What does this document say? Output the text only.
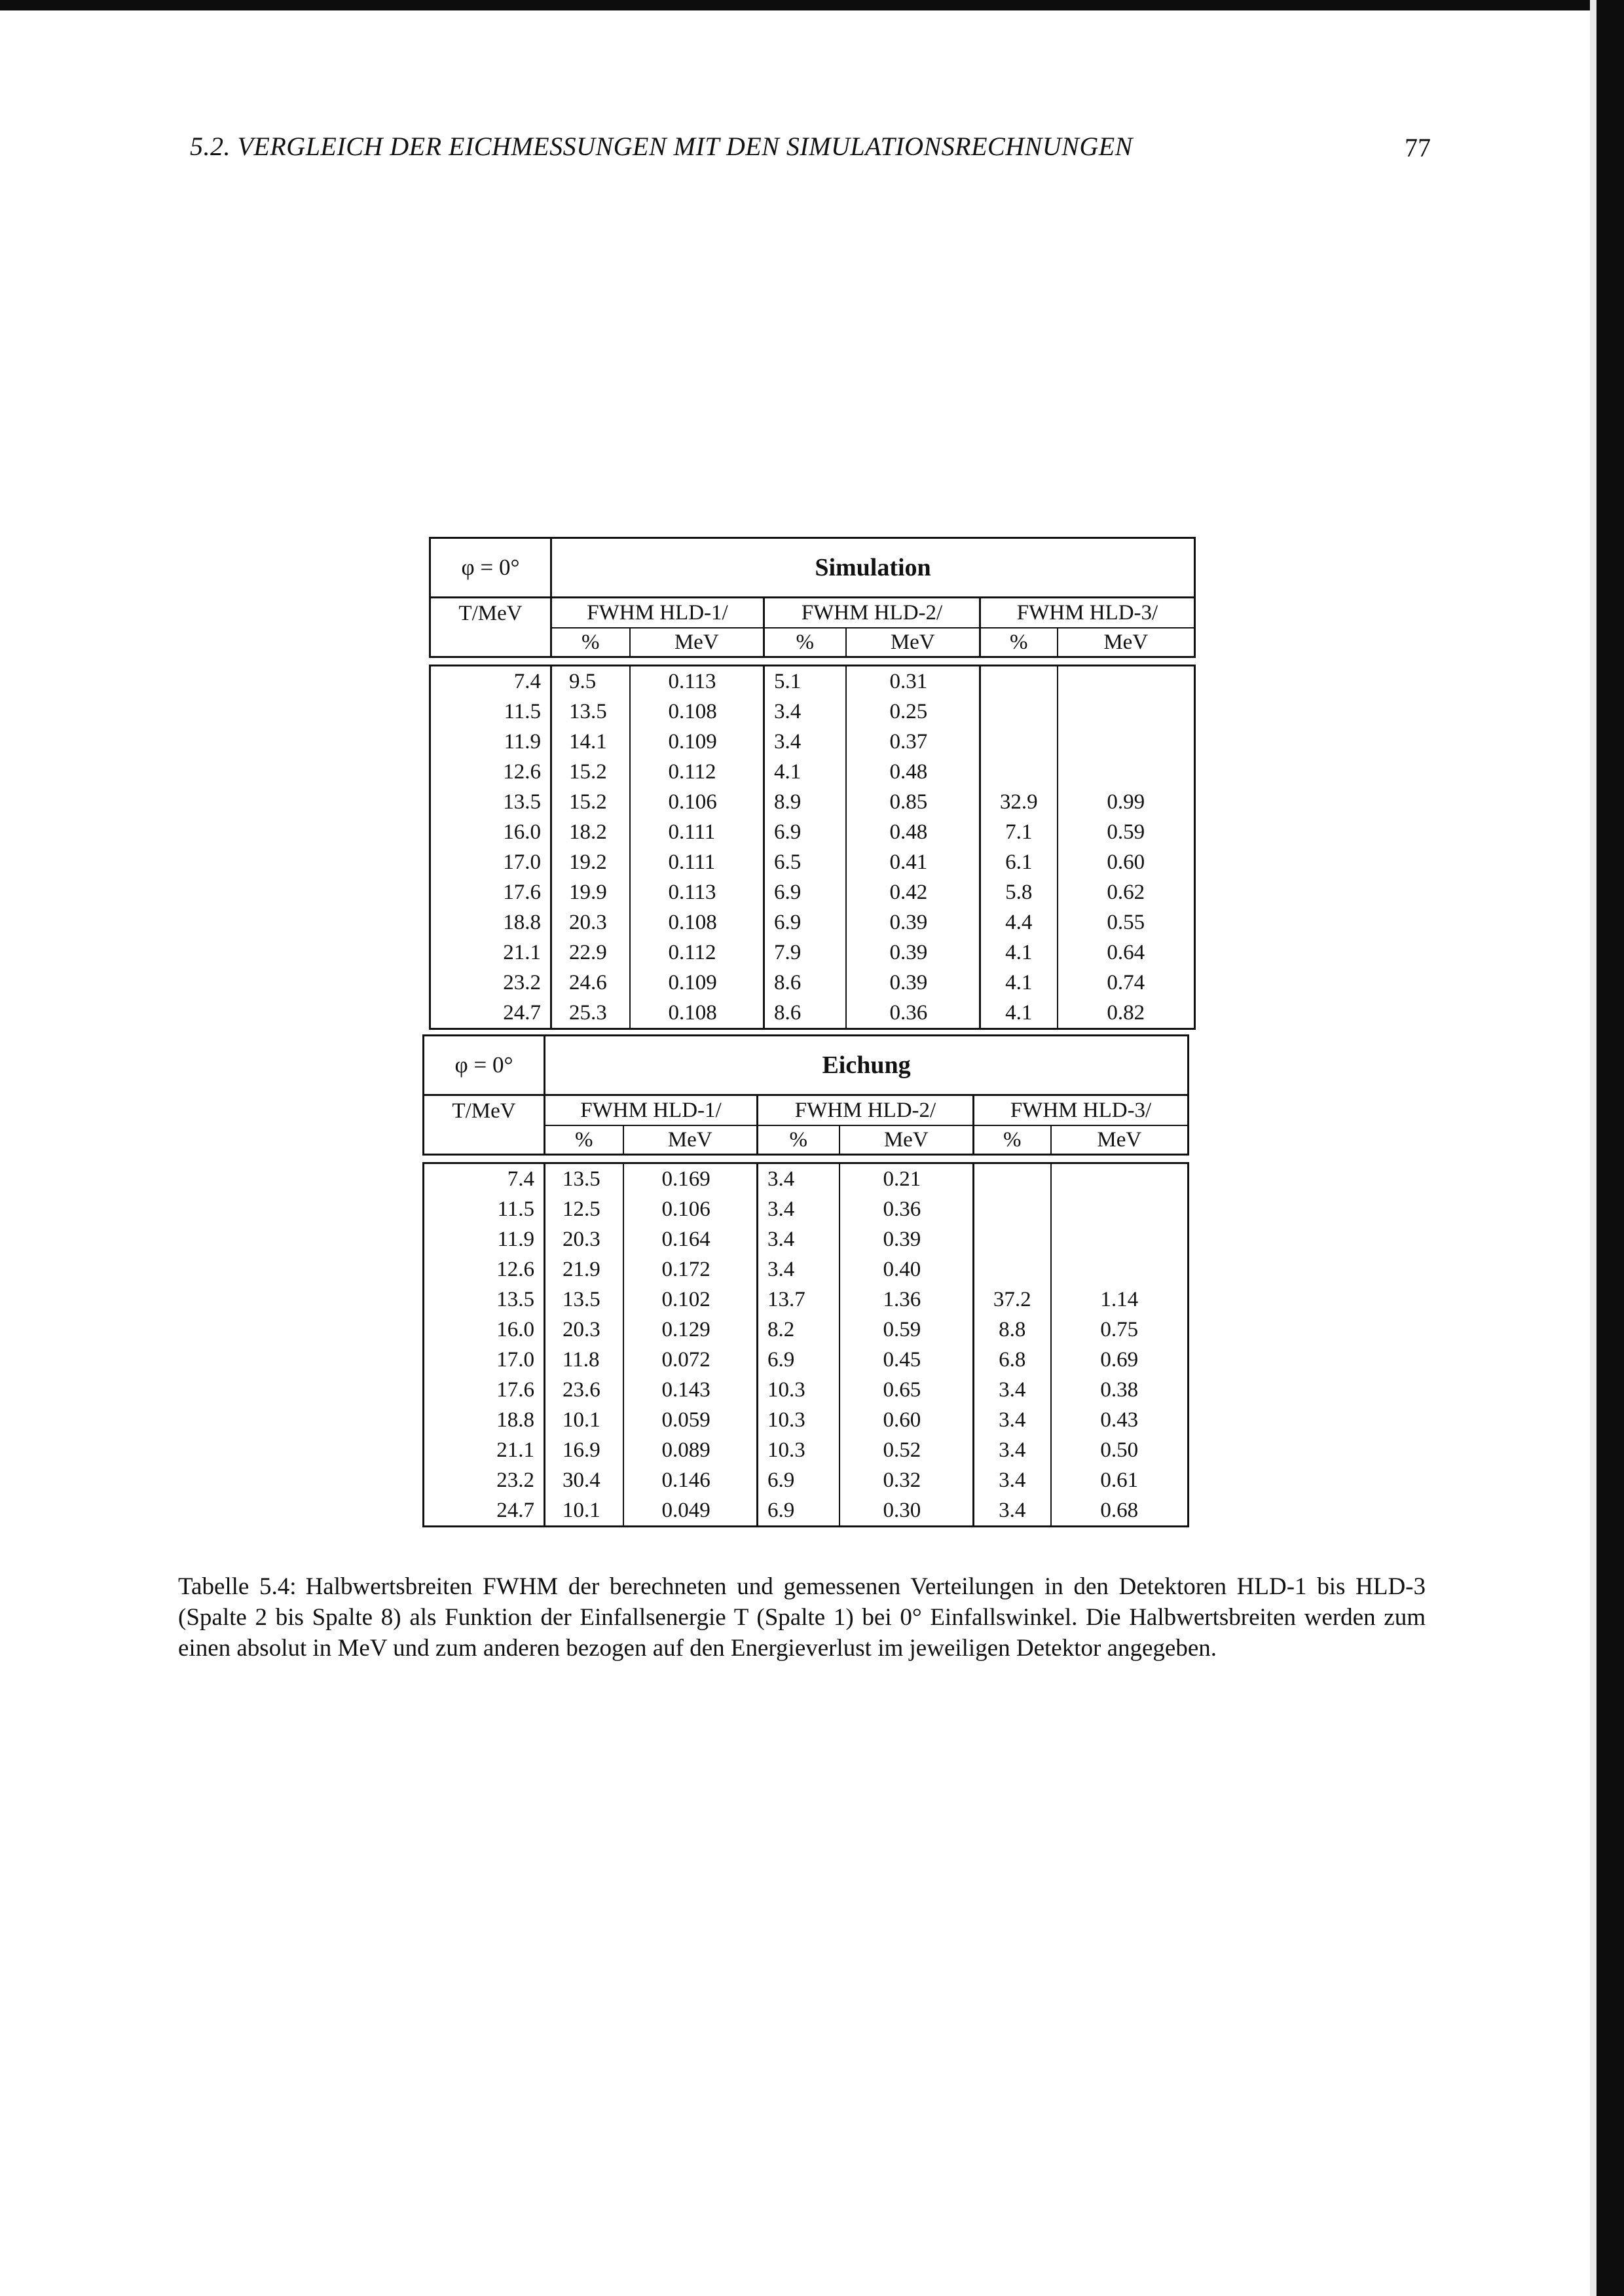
5.2. VERGLEICH DER EICHMESSUNGEN MIT DEN SIMULATIONSRECHNUNGEN	77
φ = 0°	Simulation					
T/MeV	FWHM HLD-1/		FWHM HLD-2/		FWHM HLD-3/	
	%	MeV	%	MeV	%	MeV

7.4	9.5	0.113	5.1	0.31		
11.5	13.5	0.108	3.4	0.25		
11.9	14.1	0.109	3.4	0.37		
12.6	15.2	0.112	4.1	0.48		
13.5	15.2	0.106	8.9	0.85	32.9	0.99
16.0	18.2	0.111	6.9	0.48	7.1	0.59
17.0	19.2	0.111	6.5	0.41	6.1	0.60
17.6	19.9	0.113	6.9	0.42	5.8	0.62
18.8	20.3	0.108	6.9	0.39	4.4	0.55
21.1	22.9	0.112	7.9	0.39	4.1	0.64
23.2	24.6	0.109	8.6	0.39	4.1	0.74
24.7	25.3	0.108	8.6	0.36	4.1	0.82
φ = 0°	Eichung					
T/MeV	FWHM HLD-1/		FWHM HLD-2/		FWHM HLD-3/	
	%	MeV	%	MeV	%	MeV

7.4	13.5	0.169	3.4	0.21		
11.5	12.5	0.106	3.4	0.36		
11.9	20.3	0.164	3.4	0.39		
12.6	21.9	0.172	3.4	0.40		
13.5	13.5	0.102	13.7	1.36	37.2	1.14
16.0	20.3	0.129	8.2	0.59	8.8	0.75
17.0	11.8	0.072	6.9	0.45	6.8	0.69
17.6	23.6	0.143	10.3	0.65	3.4	0.38
18.8	10.1	0.059	10.3	0.60	3.4	0.43
21.1	16.9	0.089	10.3	0.52	3.4	0.50
23.2	30.4	0.146	6.9	0.32	3.4	0.61
24.7	10.1	0.049	6.9	0.30	3.4	0.68
Tabelle 5.4: Halbwertsbreiten FWHM der berechneten und gemessenen Verteilungen in den Detektoren HLD-1 bis HLD-3 (Spalte 2 bis Spalte 8) als Funktion der Einfallsenergie T (Spalte 1) bei 0° Einfallswinkel. Die Halbwertsbreiten werden zum einen absolut in MeV und zum anderen bezogen auf den Energieverlust im jeweiligen Detektor angegeben.
